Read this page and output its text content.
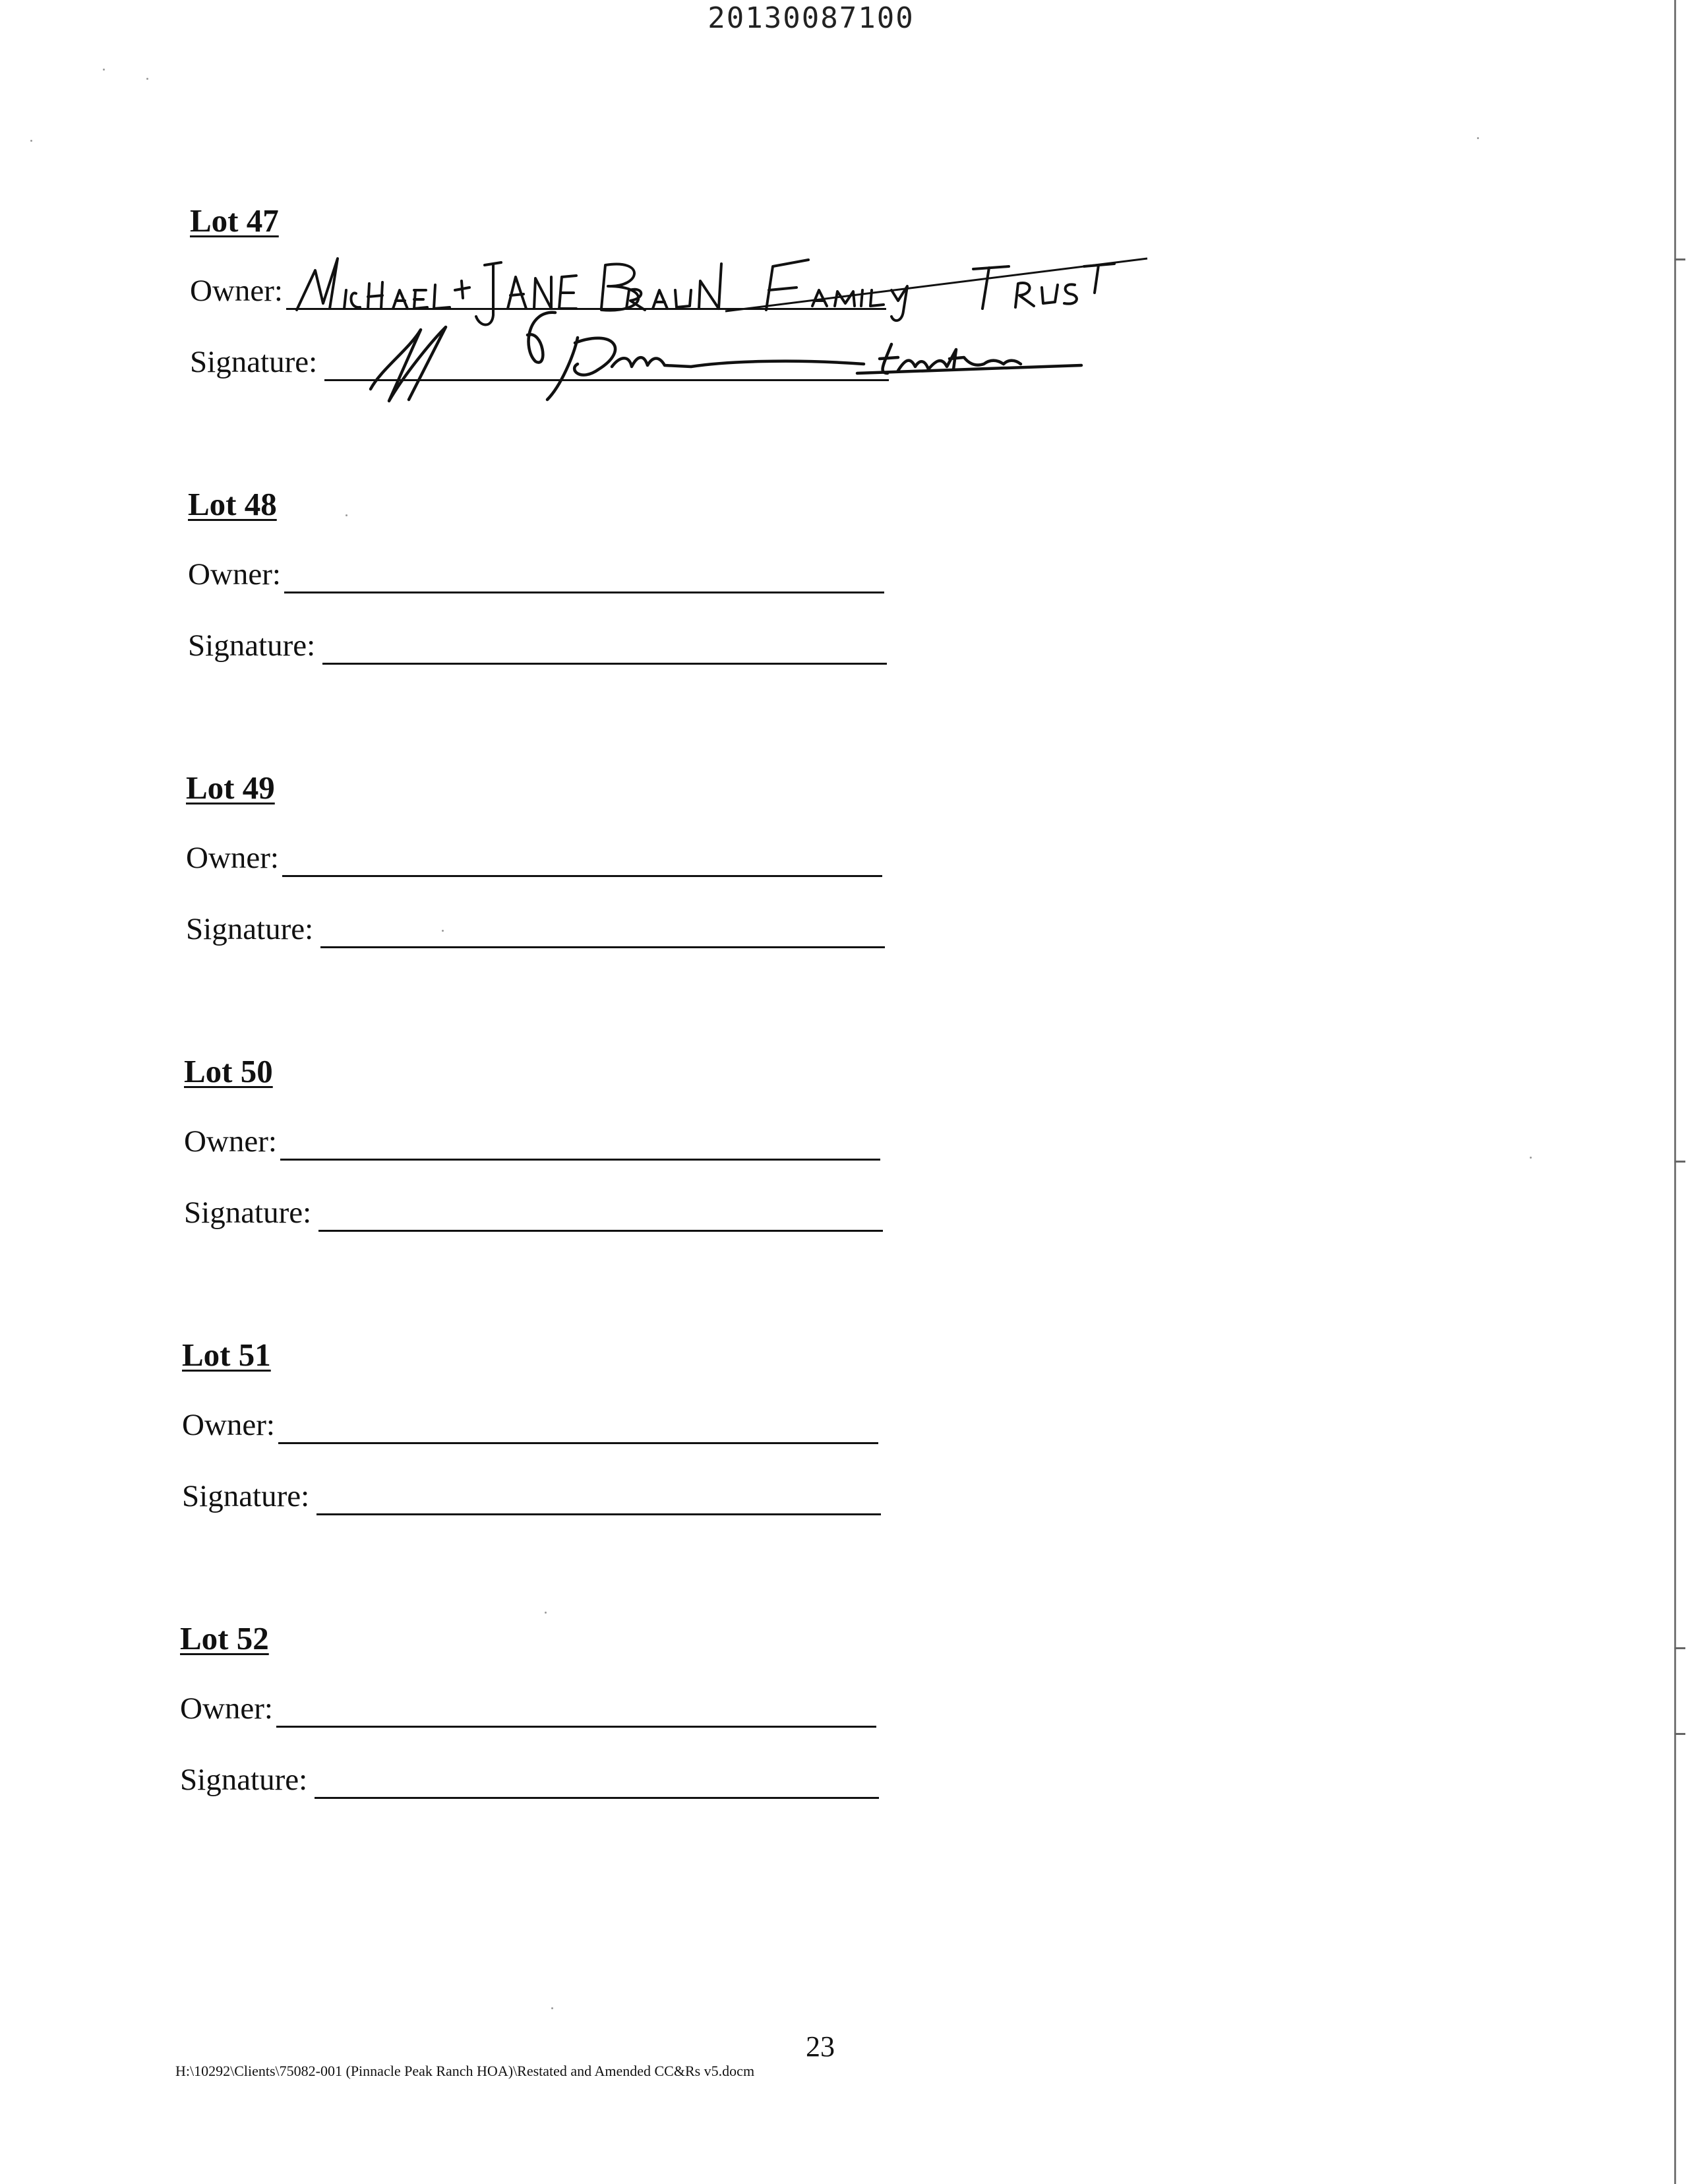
20130087100
Lot 47
Owner:
Signature:
Lot 48
Owner:
Signature:
Lot 49
Owner:
Signature:
Lot 50
Owner:
Signature:
Lot 51
Owner:
Signature:
Lot 52
Owner:
Signature:
23
H:\10292\Clients\75082-001 (Pinnacle Peak Ranch HOA)\Restated and Amended CC&Rs v5.docm
